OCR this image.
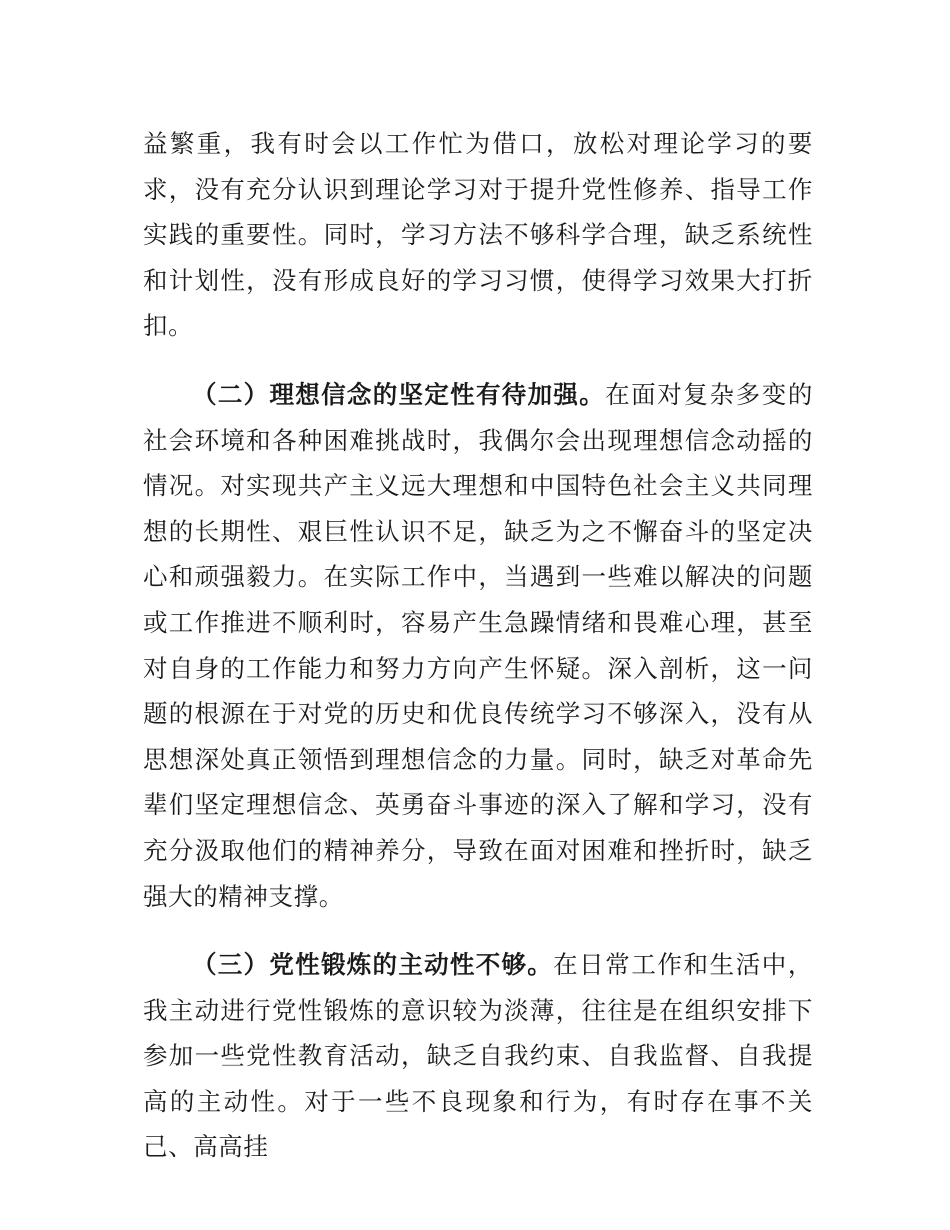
益繁重，我有时会以工作忙为借口，放松对理论学习的要求，没有充分认识到理论学习对于提升党性修养、指导工作实践的重要性。同时，学习方法不够科学合理，缺乏系统性和计划性，没有形成良好的学习习惯，使得学习效果大打折扣。

（二）理想信念的坚定性有待加强。在面对复杂多变的社会环境和各种困难挑战时，我偶尔会出现理想信念动摇的情况。对实现共产主义远大理想和中国特色社会主义共同理想的长期性、艰巨性认识不足，缺乏为之不懈奋斗的坚定决心和顽强毅力。在实际工作中，当遇到一些难以解决的问题或工作推进不顺利时，容易产生急躁情绪和畏难心理，甚至对自身的工作能力和努力方向产生怀疑。深入剖析，这一问题的根源在于对党的历史和优良传统学习不够深入，没有从思想深处真正领悟到理想信念的力量。同时，缺乏对革命先辈们坚定理想信念、英勇奋斗事迹的深入了解和学习，没有充分汲取他们的精神养分，导致在面对困难和挫折时，缺乏强大的精神支撑。

（三）党性锻炼的主动性不够。在日常工作和生活中，我主动进行党性锻炼的意识较为淡薄，往往是在组织安排下参加一些党性教育活动，缺乏自我约束、自我监督、自我提高的主动性。对于一些不良现象和行为，有时存在事不关己、高高挂
